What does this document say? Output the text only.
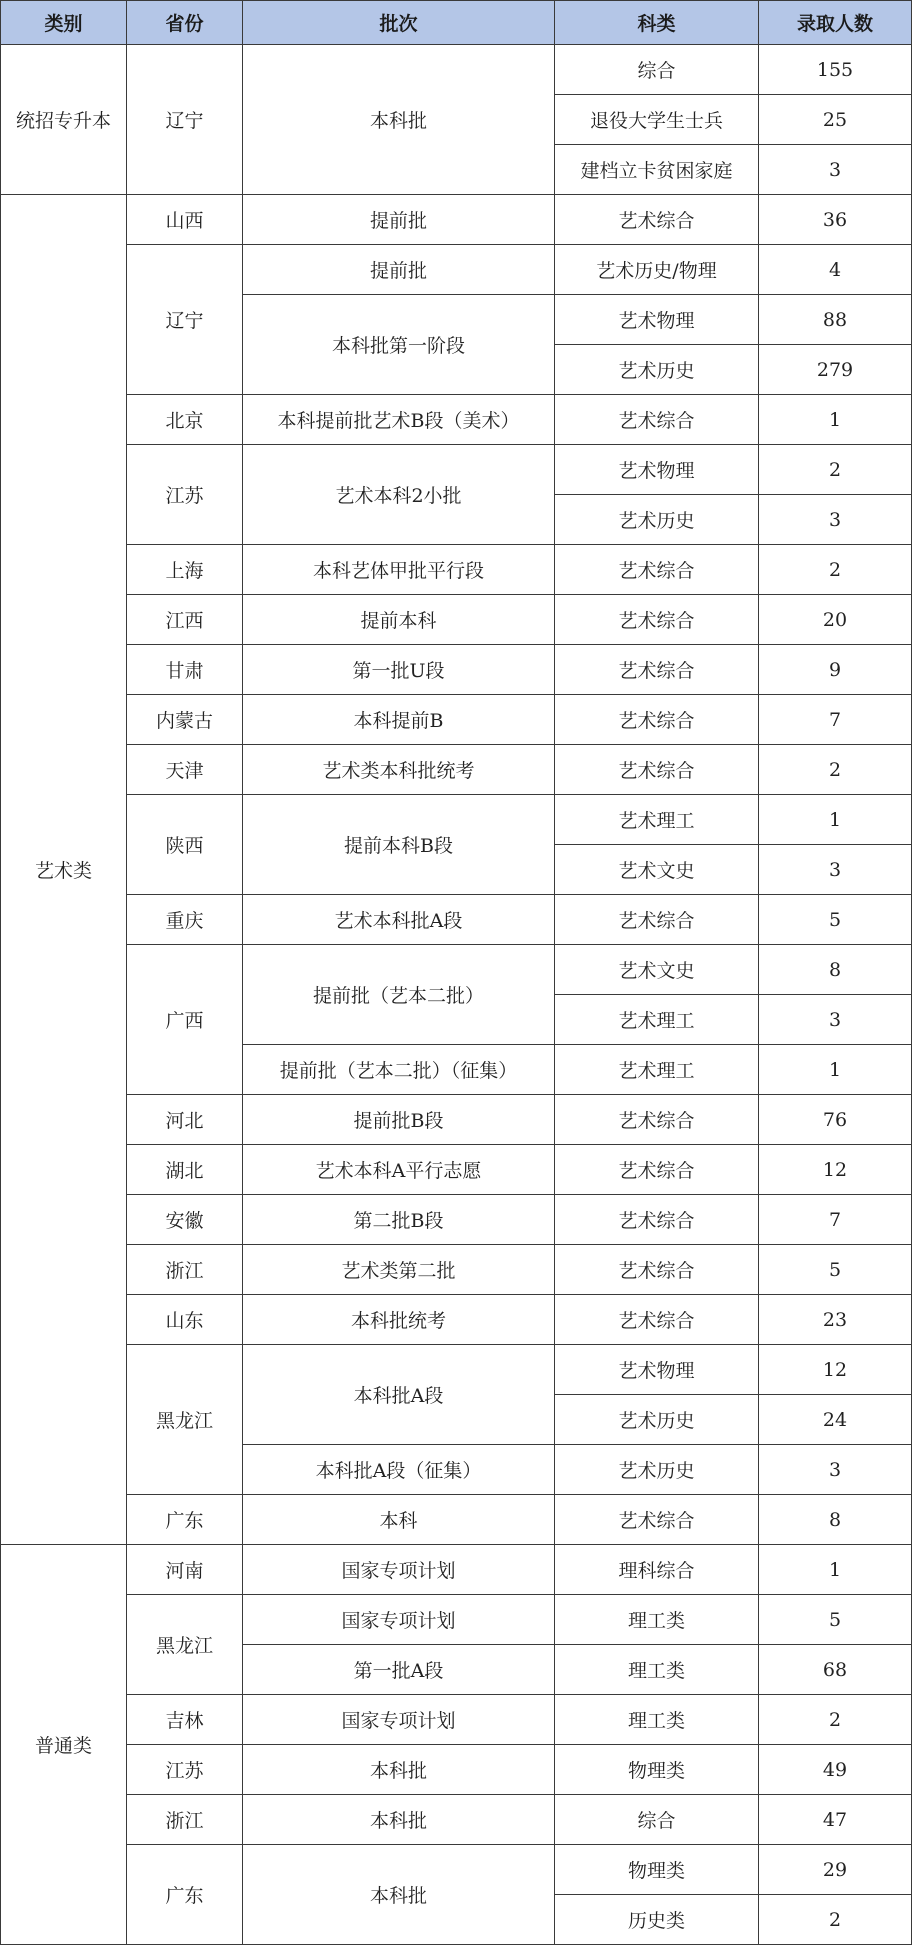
类别	省份	批次	科类	录取人数
统招专升本	辽宁	本科批	综合	155
			退役大学生士兵	25
			建档立卡贫困家庭	3
艺术类	山西	提前批	艺术综合	36
	辽宁	提前批	艺术历史/物理	4
		本科批第一阶段	艺术物理	88
			艺术历史	279
	北京	本科提前批艺术B段（美术）	艺术综合	1
	江苏	艺术本科2小批	艺术物理	2
			艺术历史	3
	上海	本科艺体甲批平行段	艺术综合	2
	江西	提前本科	艺术综合	20
	甘肃	第一批U段	艺术综合	9
	内蒙古	本科提前B	艺术综合	7
	天津	艺术类本科批统考	艺术综合	2
	陕西	提前本科B段	艺术理工	1
			艺术文史	3
	重庆	艺术本科批A段	艺术综合	5
	广西	提前批（艺本二批）	艺术文史	8
			艺术理工	3
		提前批（艺本二批）（征集）	艺术理工	1
	河北	提前批B段	艺术综合	76
	湖北	艺术本科A平行志愿	艺术综合	12
	安徽	第二批B段	艺术综合	7
	浙江	艺术类第二批	艺术综合	5
	山东	本科批统考	艺术综合	23
	黑龙江	本科批A段	艺术物理	12
			艺术历史	24
		本科批A段（征集）	艺术历史	3
	广东	本科	艺术综合	8
普通类	河南	国家专项计划	理科综合	1
	黑龙江	国家专项计划	理工类	5
		第一批A段	理工类	68
	吉林	国家专项计划	理工类	2
	江苏	本科批	物理类	49
	浙江	本科批	综合	47
	广东	本科批	物理类	29
			历史类	2
